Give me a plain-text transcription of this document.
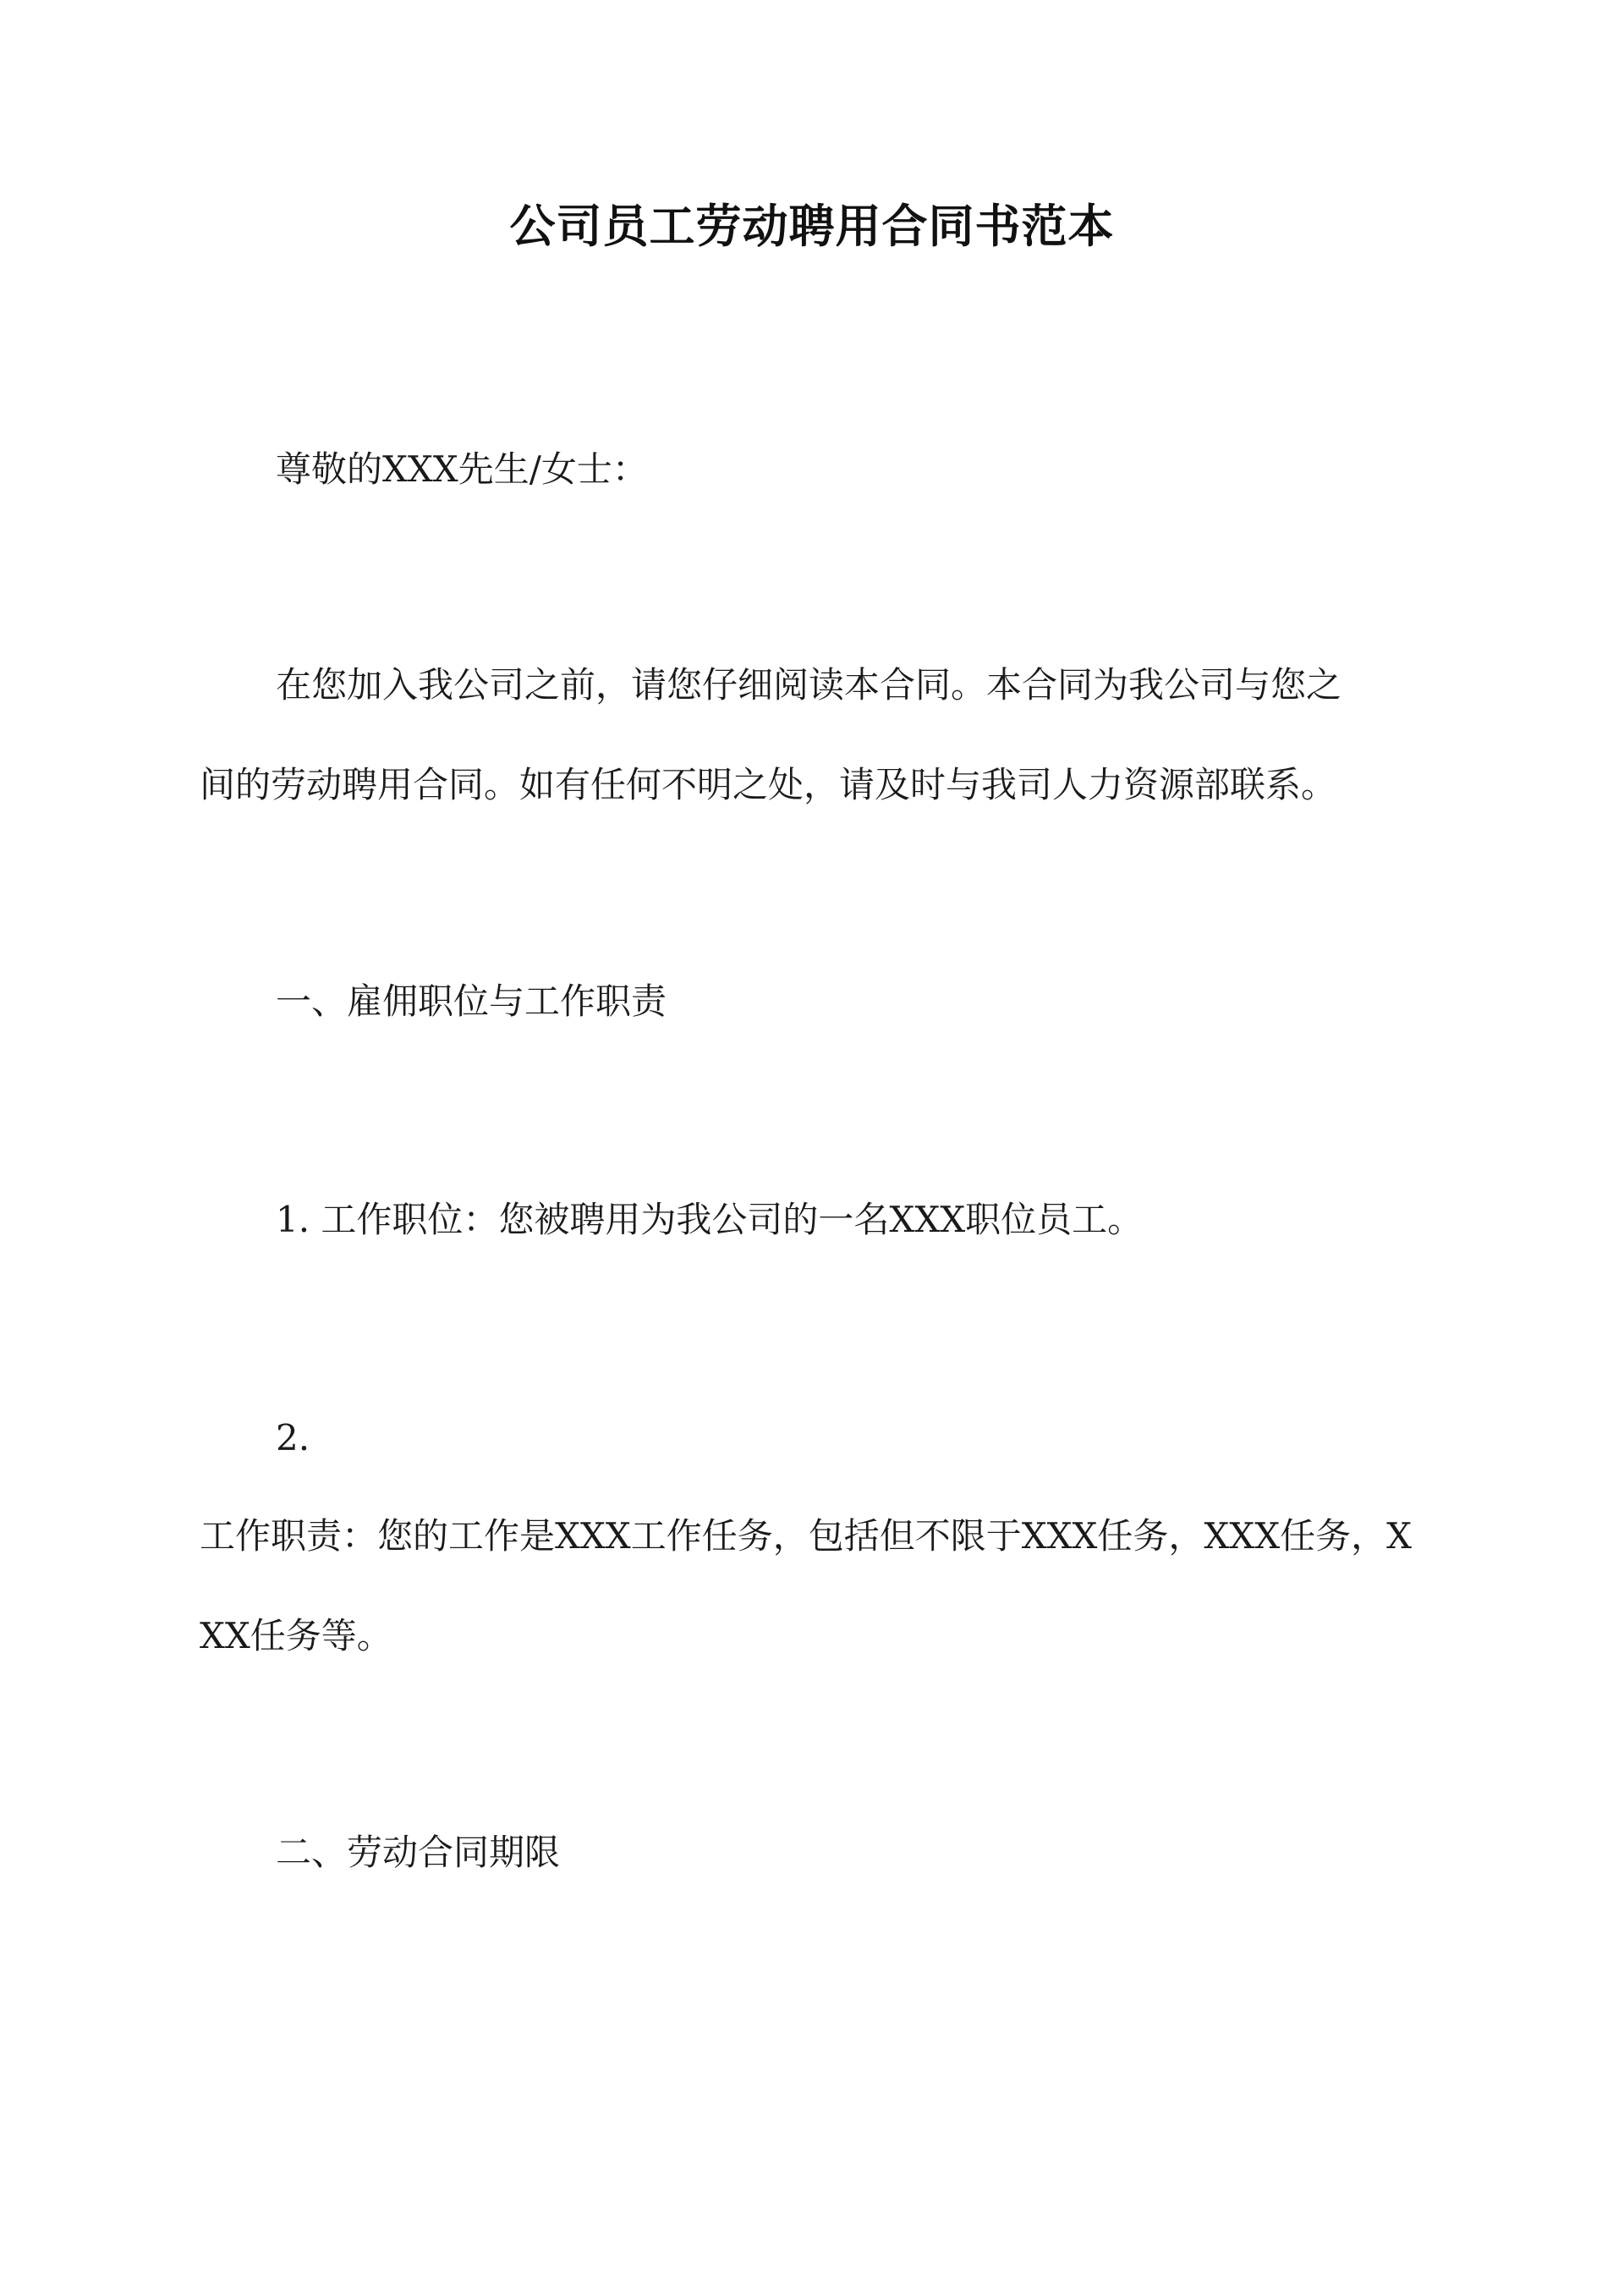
公司员工劳动聘用合同书范本

尊敬的XXX先生/女士：

在您加入我公司之前，请您仔细阅读本合同。本合同为我公司与您之

间的劳动聘用合同。如有任何不明之处，请及时与我司人力资源部联系。

一、雇佣职位与工作职责

1. 工作职位：您被聘用为我公司的一名XXX职位员工。

2.

工作职责：您的工作是XXX工作任务，包括但不限于XXX任务，XXX任务，X

XX任务等。

二、劳动合同期限
